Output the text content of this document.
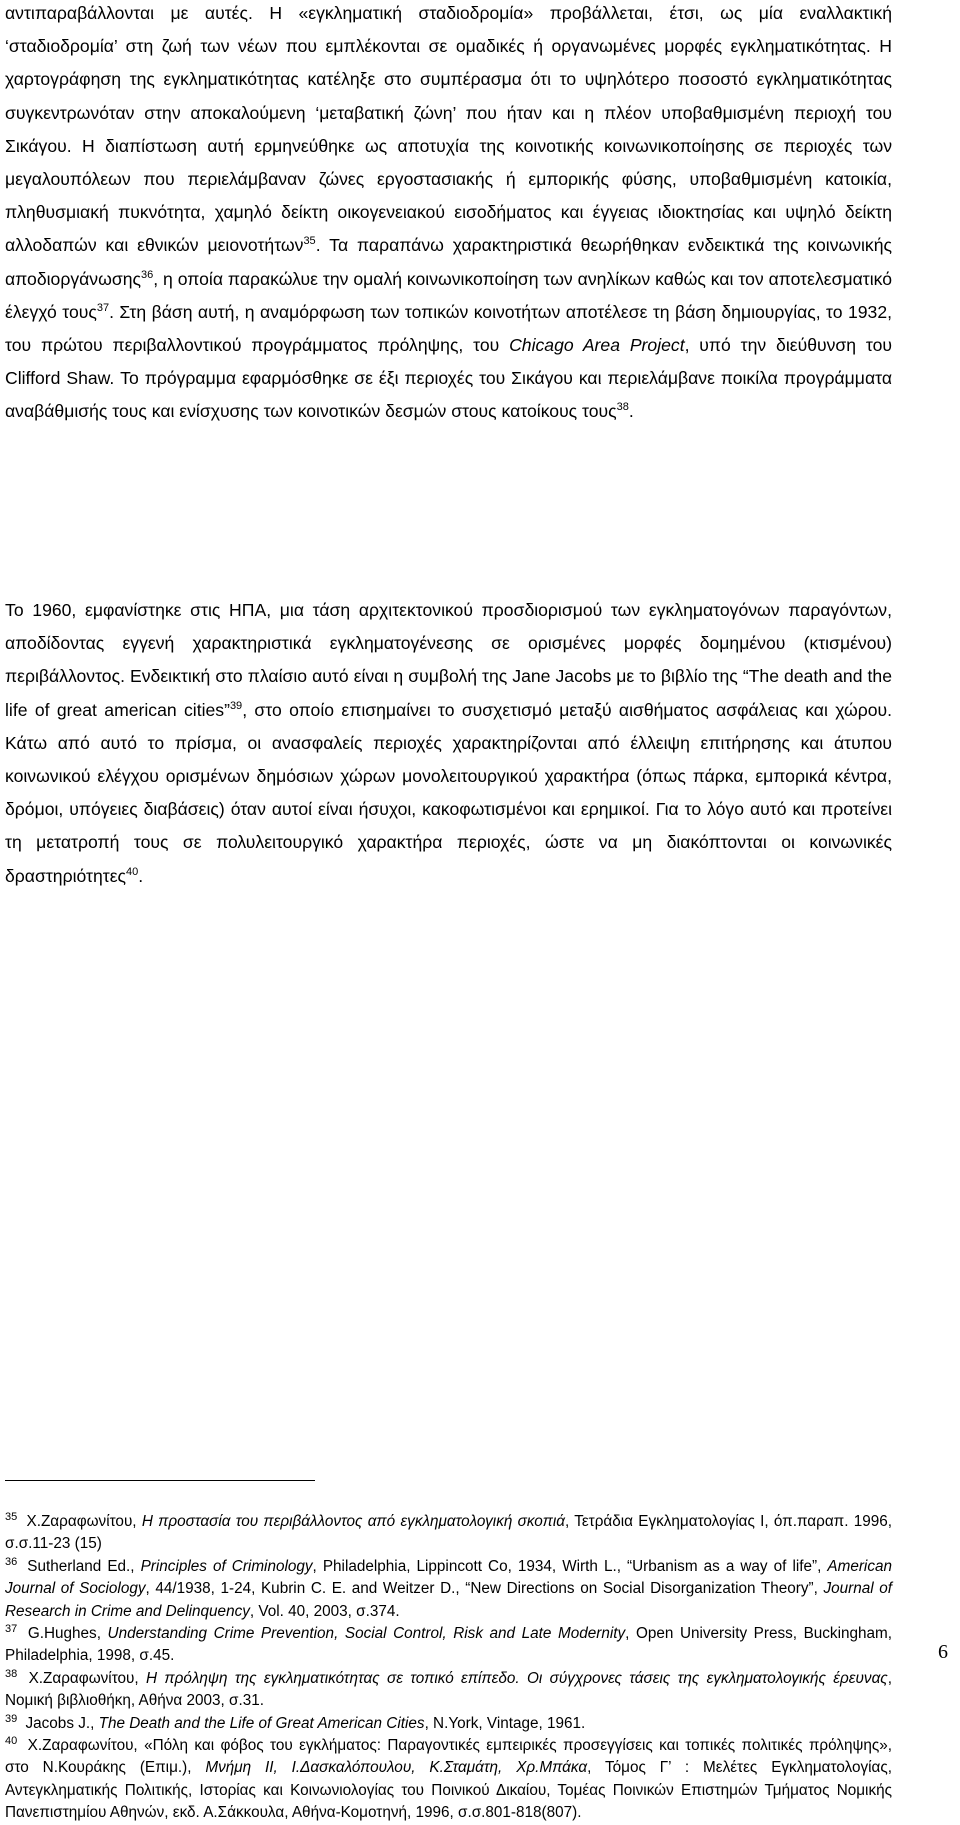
αντιπαραβάλλονται με αυτές. Η «εγκληματική σταδιοδρομία» προβάλλεται, έτσι, ως μία εναλλακτική ‘σταδιοδρομία’ στη ζωή των νέων που εμπλέκονται σε ομαδικές ή οργανωμένες μορφές εγκληματικότητας. Η χαρτογράφηση της εγκληματικότητας κατέληξε στο συμπέρασμα ότι το υψηλότερο ποσοστό εγκληματικότητας συγκεντρωνόταν στην αποκαλούμενη ‘μεταβατική ζώνη’ που ήταν και η πλέον υποβαθμισμένη περιοχή του Σικάγου. Η διαπίστωση αυτή ερμηνεύθηκε ως αποτυχία της κοινοτικής κοινωνικοποίησης σε περιοχές των μεγαλουπόλεων που περιελάμβαναν ζώνες εργοστασιακής ή εμπορικής φύσης, υποβαθμισμένη κατοικία, πληθυσμιακή πυκνότητα, χαμηλό δείκτη οικογενειακού εισοδήματος και έγγειας ιδιοκτησίας και υψηλό δείκτη αλλοδαπών και εθνικών μειονοτήτων$^{35}$. Τα παραπάνω χαρακτηριστικά θεωρήθηκαν ενδεικτικά της κοινωνικής αποδιοργάνωσης$^{36}$, η οποία παρακώλυε την ομαλή κοινωνικοποίηση των ανηλίκων καθώς και τον αποτελεσματικό έλεγχό τους$^{37}$. Στη βάση αυτή, η αναμόρφωση των τοπικών κοινοτήτων αποτέλεσε τη βάση δημιουργίας, το 1932, του πρώτου περιβαλλοντικού προγράμματος πρόληψης, του Chicago Area Project, υπό την διεύθυνση του Clifford Shaw. Το πρόγραμμα εφαρμόσθηκε σε έξι περιοχές του Σικάγου και περιελάμβανε ποικίλα προγράμματα αναβάθμισής τους και ενίσχυσης των κοινοτικών δεσμών στους κατοίκους τους$^{38}$.

Το 1960, εμφανίστηκε στις ΗΠΑ, μια τάση αρχιτεκτονικού προσδιορισμού των εγκληματογόνων παραγόντων, αποδίδοντας εγγενή χαρακτηριστικά εγκληματογένεσης σε ορισμένες μορφές δομημένου (κτισμένου) περιβάλλοντος. Ενδεικτική στο πλαίσιο αυτό είναι η συμβολή της Jane Jacobs με το βιβλίο της “The death and the life of great american cities”$^{39}$, στο οποίο επισημαίνει το συσχετισμό μεταξύ αισθήματος ασφάλειας και χώρου. Κάτω από αυτό το πρίσμα, οι ανασφαλείς περιοχές χαρακτηρίζονται από έλλειψη επιτήρησης και άτυπου κοινωνικού ελέγχου ορισμένων δημόσιων χώρων μονολειτουργικού χαρακτήρα (όπως πάρκα, εμπορικά κέντρα, δρόμοι, υπόγειες διαβάσεις) όταν αυτοί είναι ήσυχοι, κακοφωτισμένοι και ερημικοί. Για το λόγο αυτό και προτείνει τη μετατροπή τους σε πολυλειτουργικό χαρακτήρα περιοχές, ώστε να μη διακόπτονται οι κοινωνικές δραστηριότητες$^{40}$.

$^{35}$ Χ.Ζαραφωνίτου, Η προστασία του περιβάλλοντος από εγκληματολογική σκοπιά, Τετράδια Εγκληματολογίας Ι, όπ.παραπ. 1996, σ.σ.11-23 (15)

$^{36}$ Sutherland Ed., Principles of Criminology, Philadelphia, Lippincott Co, 1934, Wirth L., “Urbanism as a way of life”, American Journal of Sociology, 44/1938, 1-24, Kubrin C. E. and Weitzer D., “New Directions on Social Disorganization Theory”, Journal of Research in Crime and Delinquency, Vol. 40, 2003, σ.374.

$^{37}$ G.Hughes, Understanding Crime Prevention, Social Control, Risk and Late Modernity, Open University Press, Buckingham, Philadelphia, 1998, σ.45.

$^{38}$ Χ.Ζαραφωνίτου, Η πρόληψη της εγκληματικότητας σε τοπικό επίπεδο. Οι σύγχρονες τάσεις της εγκληματολογικής έρευνας, Νομική βιβλιοθήκη, Αθήνα 2003, σ.31.

$^{39}$ Jacobs J., The Death and the Life of Great American Cities, N.York, Vintage, 1961.

$^{40}$ Χ.Ζαραφωνίτου, «Πόλη και φόβος του εγκλήματος: Παραγοντικές εμπειρικές προσεγγίσεις και τοπικές πολιτικές πρόληψης», στο Ν.Κουράκης (Επιμ.), Μνήμη ΙΙ, Ι.Δασκαλόπουλου, Κ.Σταμάτη, Χρ.Μπάκα, Τόμος Γ’ : Μελέτες Εγκληματολογίας, Αντεγκληματικής Πολιτικής, Ιστορίας και Κοινωνιολογίας του Ποινικού Δικαίου, Τομέας Ποινικών Επιστημών Τμήματος Νομικής Πανεπιστημίου Αθηνών, εκδ. Α.Σάκκουλα, Αθήνα-Κομοτηνή, 1996, σ.σ.801-818(807).

6
